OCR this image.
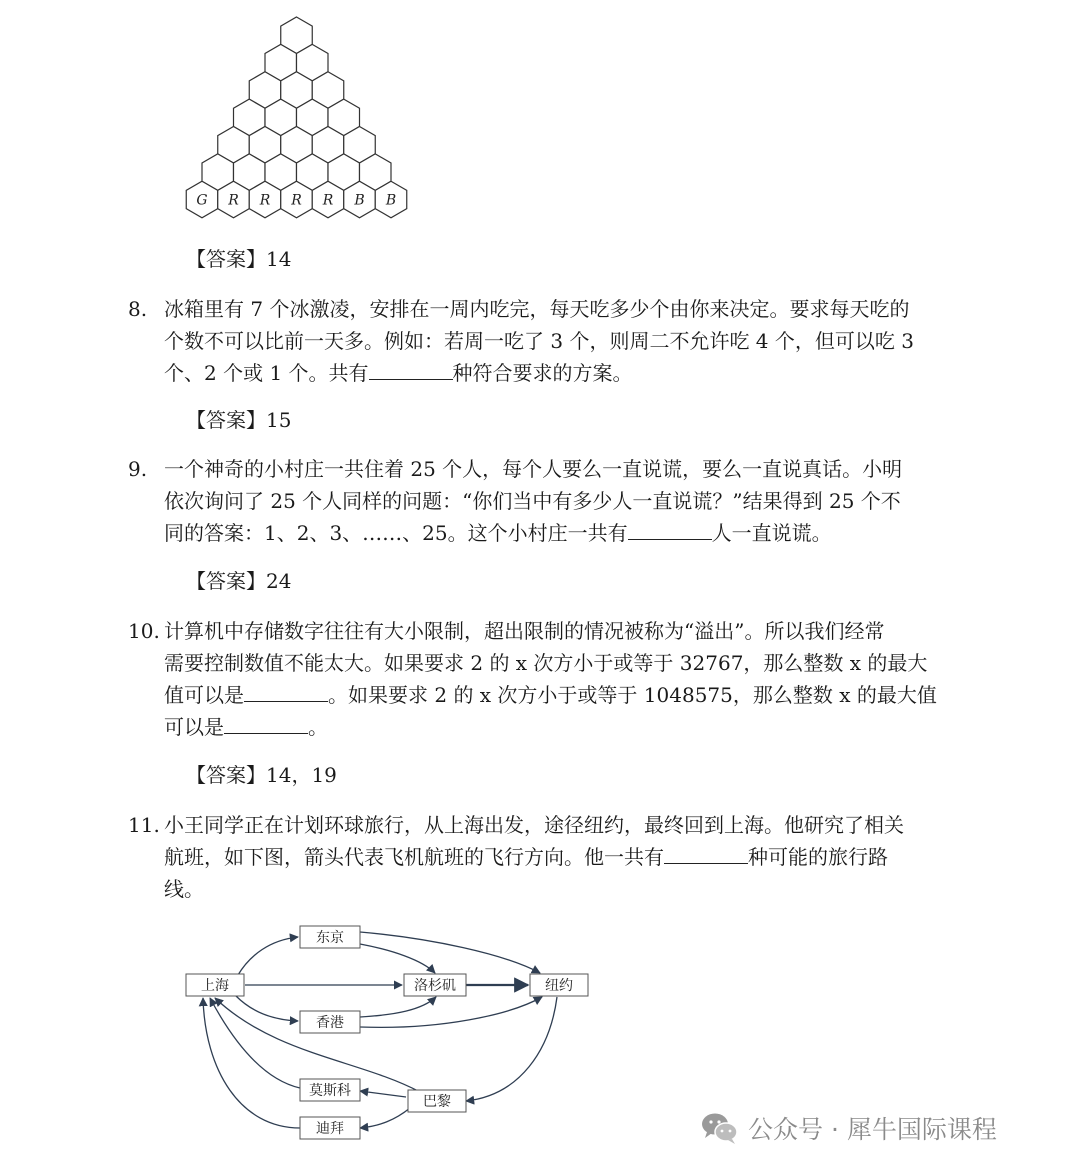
G R R R R B B
【答案】14
8. 冰箱里有 7 个冰激凌，安排在一周内吃完，每天吃多少个由你来决定。要求每天吃的
个数不可以比前一天多。例如：若周一吃了 3 个，则周二不允许吃 4 个，但可以吃 3
个、2 个或 1 个。共有	种符合要求的方案。
【答案】15
9. 一个神奇的小村庄一共住着 25 个人，每个人要么一直说谎，要么一直说真话。小明
依次询问了 25 个人同样的问题：“你们当中有多少人一直说谎？”结果得到 25 个不
同的答案：1、2、3、……、25。这个小村庄一共有	人一直说谎。
【答案】24
10. 计算机中存储数字往往有大小限制，超出限制的情况被称为“溢出”。所以我们经常
需要控制数值不能太大。如果要求 2 的 x 次方小于或等于 32767，那么整数 x 的最大
值可以是	。如果要求 2 的 x 次方小于或等于 1048575，那么整数 x 的最大值
可以是	。
【答案】14，19
11. 小王同学正在计划环球旅行，从上海出发，途径纽约，最终回到上海。他研究了相关
航班，如下图，箭头代表飞机航班的飞行方向。他一共有	种可能的旅行路
线。
上海
东京
洛杉矶	纽约
香港
莫斯科
巴黎
迪拜	公众号 · 犀牛国际课程
